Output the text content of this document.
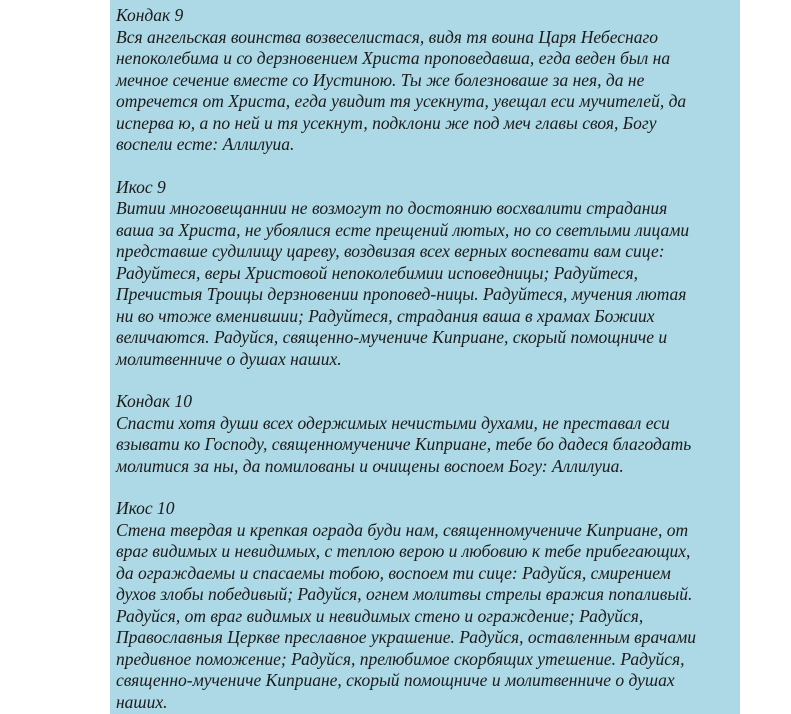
Кондак 9
Вся ангельская воинства возвеселистася, видя тя воина Царя Небеснаго
непоколебима и со дерзновением Христа проповедавша, егда веден был на
мечное сечение вместе со Иустиною. Ты же болезноваше за нея, да не
отречется от Христа, егда увидит тя усекнута, увещал еси мучителей, да
исперва ю, а по ней и тя усекнут, подклони же под меч главы своя, Богу
воспели есте: Аллилуиа.
Икос 9
Витии многовещаннии не возмогут по достоянию восхвалити страдания
ваша за Христа, не убоялися есте прещений лютых, но со светлыми лицами
представше судилищу цареву, воздвизая всех верных воспевати вам сице:
Радуйтеся, веры Христовой непоколебимии исповедницы; Радуйтеся,
Пречистыя Троицы дерзновении проповед-ницы. Радуйтеся, мучения лютая
ни во чтоже вменившии; Радуйтеся, страдания ваша в храмах Божиих
величаются. Радуйся, священно-мучениче Киприане, скорый помощниче и
молитвенниче о душах наших.
Кондак 10
Спасти хотя души всех одержимых нечистыми духами, не преставал еси
взывати ко Господу, священномучениче Киприане, тебе бо дадеся благодать
молитися за ны, да помилованы и очищены воспоем Богу: Аллилуиа.
Икос 10
Стена твердая и крепкая ограда буди нам, священномучениче Киприане, от
враг видимых и невидимых, с теплою верою и любовию к тебе прибегающих,
да ограждаемы и спасаемы тобою, воспоем ти сице: Радуйся, смирением
духов злобы победивый; Радуйся, огнем молитвы стрелы вражия попаливый.
Радуйся, от враг видимых и невидимых стено и ограждение; Радуйся,
Православныя Церкве преславное украшение. Радуйся, оставленным врачами
предивное поможение; Радуйся, прелюбимое скорбящих утешение. Радуйся,
священно-мучениче Киприане, скорый помощниче и молитвенниче о душах
наших.
